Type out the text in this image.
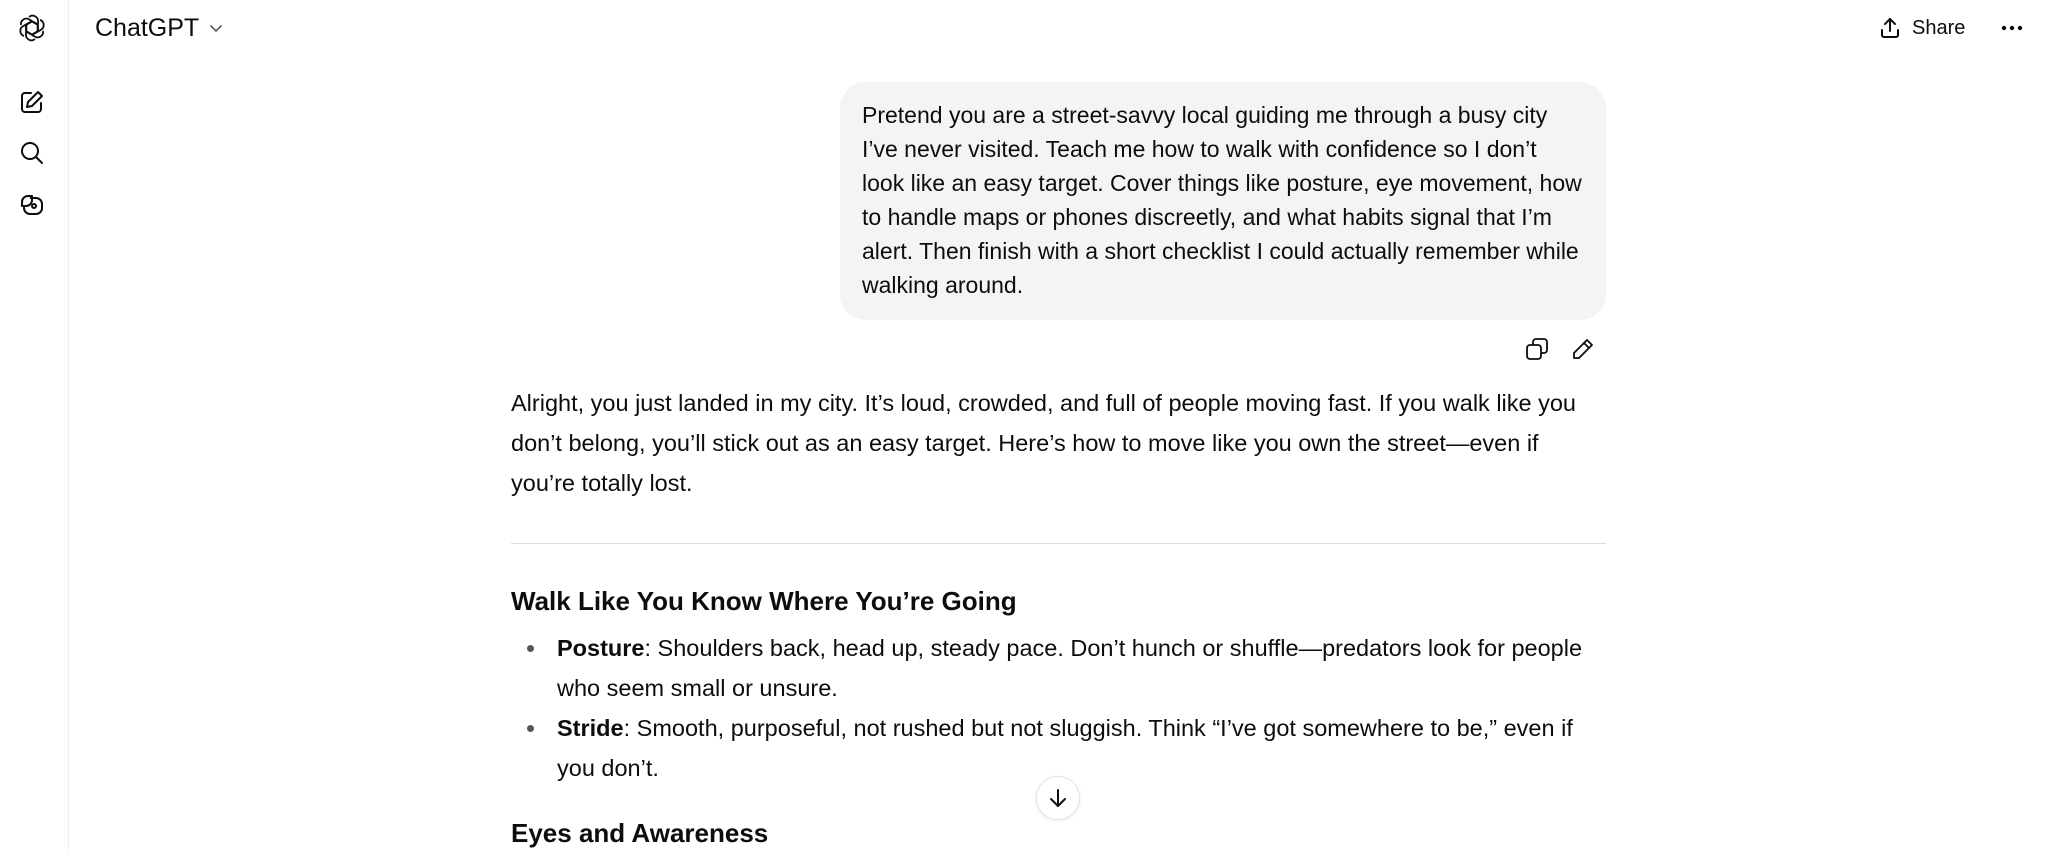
ChatGPT	Share
Pretend you are a street-savvy local guiding me through a busy city I’ve never visited. Teach me how to walk with confidence so I don’t look like an easy target. Cover things like posture, eye movement, how to handle maps or phones discreetly, and what habits signal that I’m alert. Then finish with a short checklist I could actually remember while walking around.

Alright, you just landed in my city. It’s loud, crowded, and full of people moving fast. If you walk like you don’t belong, you’ll stick out as an easy target. Here’s how to move like you own the street—even if you’re totally lost.

Walk Like You Know Where You’re Going
Posture: Shoulders back, head up, steady pace. Don’t hunch or shuffle—predators look for people who seem small or unsure.
Stride: Smooth, purposeful, not rushed but not sluggish. Think “I’ve got somewhere to be,” even if you don’t.
Eyes and Awareness
